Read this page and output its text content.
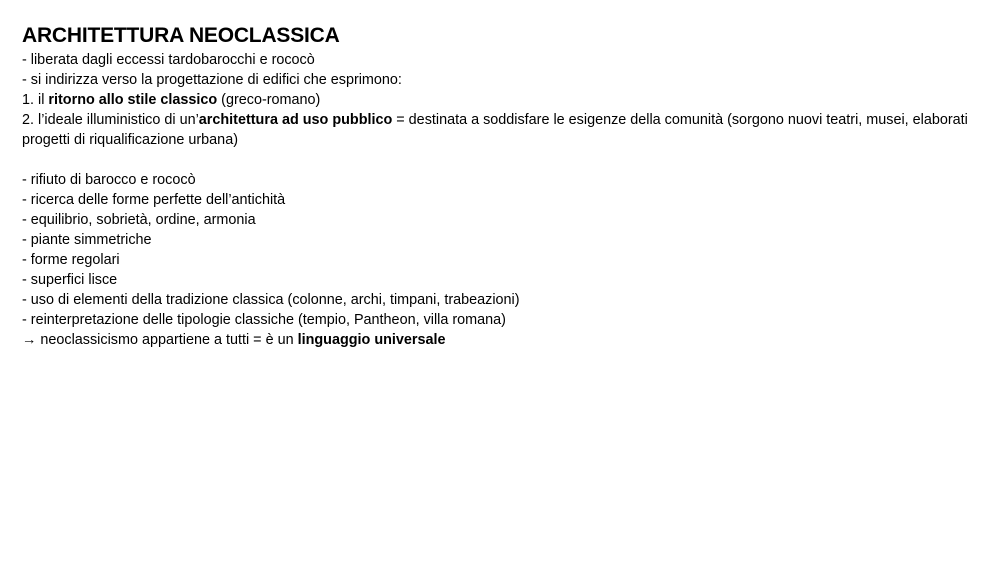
ARCHITETTURA NEOCLASSICA
- liberata dagli eccessi tardobarocchi e rococò
- si indirizza verso la progettazione di edifici che esprimono:
1. il ritorno allo stile classico (greco-romano)
2. l’ideale illuministico di un’architettura ad uso pubblico = destinata a soddisfare le esigenze della comunità (sorgono nuovi teatri, musei, elaborati progetti di riqualificazione urbana)
- rifiuto di barocco e rococò
- ricerca delle forme perfette dell’antichità
- equilibrio, sobrietà, ordine, armonia
- piante simmetriche
- forme regolari
- superfici lisce
- uso di elementi della tradizione classica (colonne, archi, timpani, trabeazioni)
- reinterpretazione delle tipologie classiche (tempio, Pantheon, villa romana)
→ neoclassicismo appartiene a tutti = è un linguaggio universale
